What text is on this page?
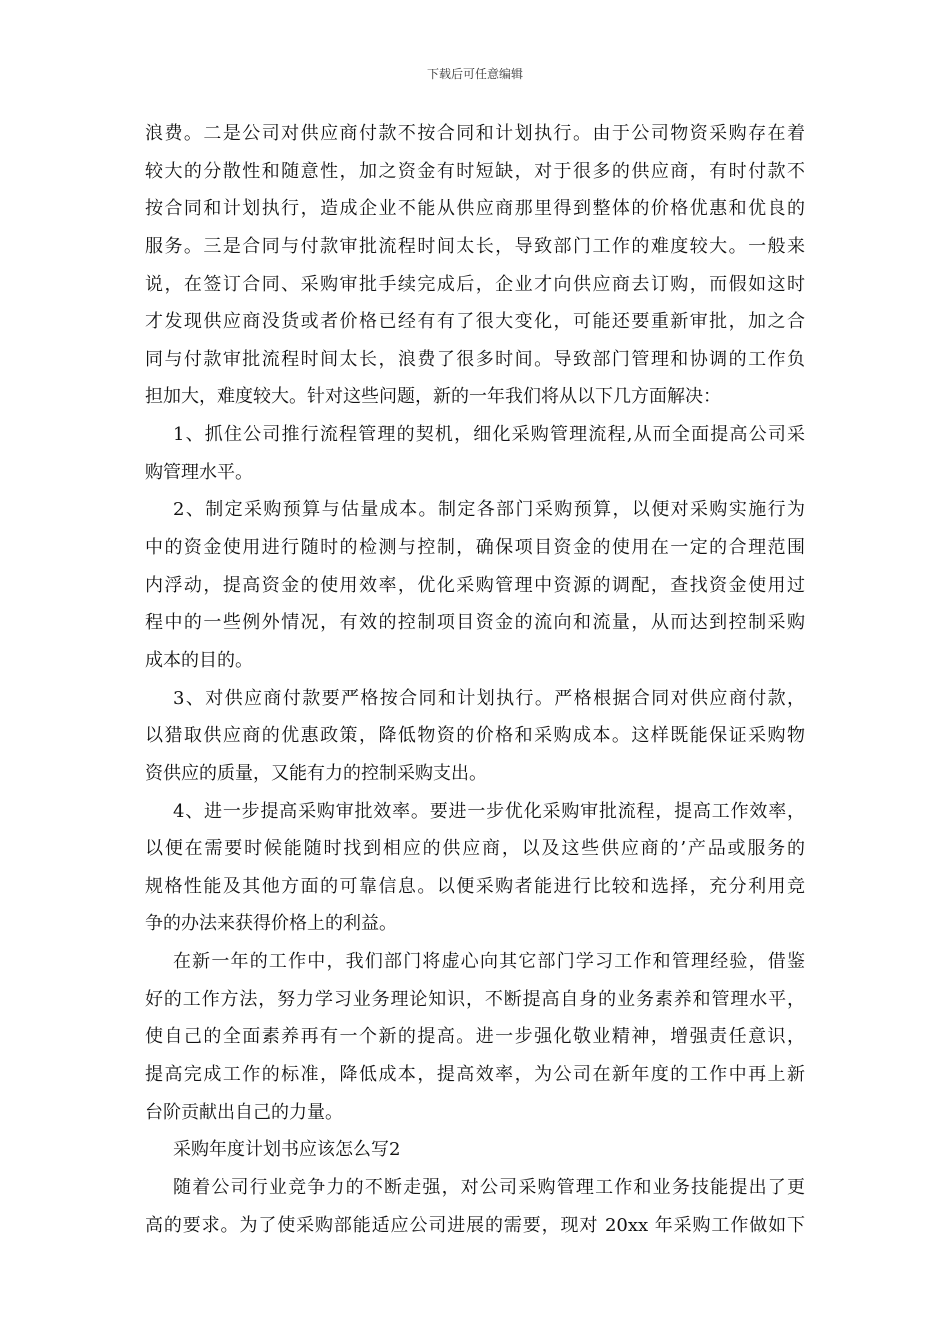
下载后可任意编辑
浪费。二是公司对供应商付款不按合同和计划执行。由于公司物资采购存在着
较大的分散性和随意性，加之资金有时短缺，对于很多的供应商，有时付款不
按合同和计划执行，造成企业不能从供应商那里得到整体的价格优惠和优良的
服务。三是合同与付款审批流程时间太长，导致部门工作的难度较大。一般来
说，在签订合同、采购审批手续完成后，企业才向供应商去订购，而假如这时
才发现供应商没货或者价格已经有有了很大变化，可能还要重新审批，加之合
同与付款审批流程时间太长，浪费了很多时间。导致部门管理和协调的工作负
担加大，难度较大。针对这些问题，新的一年我们将从以下几方面解决：
1、抓住公司推行流程管理的契机，细化采购管理流程,从而全面提高公司采
购管理水平。
2、制定采购预算与估量成本。制定各部门采购预算，以便对采购实施行为
中的资金使用进行随时的检测与控制，确保项目资金的使用在一定的合理范围
内浮动，提高资金的使用效率，优化采购管理中资源的调配，查找资金使用过
程中的一些例外情况，有效的控制项目资金的流向和流量，从而达到控制采购
成本的目的。
3、对供应商付款要严格按合同和计划执行。严格根据合同对供应商付款，
以猎取供应商的优惠政策，降低物资的价格和采购成本。这样既能保证采购物
资供应的质量，又能有力的控制采购支出。
4、进一步提高采购审批效率。要进一步优化采购审批流程，提高工作效率，
以便在需要时候能随时找到相应的供应商，以及这些供应商的’产品或服务的
规格性能及其他方面的可靠信息。以便采购者能进行比较和选择，充分利用竞
争的办法来获得价格上的利益。
在新一年的工作中，我们部门将虚心向其它部门学习工作和管理经验，借鉴
好的工作方法，努力学习业务理论知识，不断提高自身的业务素养和管理水平，
使自己的全面素养再有一个新的提高。进一步强化敬业精神，增强责任意识，
提高完成工作的标准，降低成本，提高效率，为公司在新年度的工作中再上新
台阶贡献出自己的力量。
采购年度计划书应该怎么写2
随着公司行业竞争力的不断走强，对公司采购管理工作和业务技能提出了更
高的要求。为了使采购部能适应公司进展的需要，现对 20xx 年采购工作做如下
